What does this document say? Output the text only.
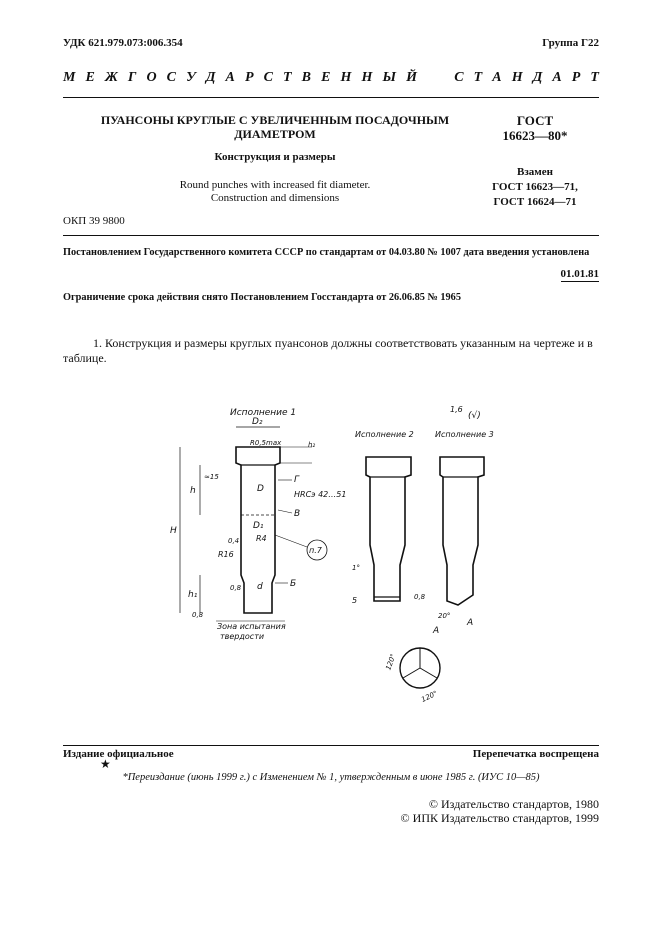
УДК 621.979.073:006.354	Группа Г22
М Е Ж Г О С У Д А Р С Т В Е Н Н Ы Й

	С Т А Н Д А Р Т
ПУАНСОНЫ КРУГЛЫЕ С УВЕЛИЧЕННЫМ ПОСАДОЧНЫМ
ДИАМЕТРОМ
Конструкция и размеры
Round punches with increased fit diameter.
Construction and dimensions
ГОСТ
16623—80*
Взамен
ГОСТ 16623—71,
ГОСТ 16624—71
ОКП 39 9800
Постановлением Государственного комитета СССР по стандартам от 04.03.80 № 1007 дата введения установлена
01.01.81
Ограничение срока действия снято Постановлением Госстандарта от 26.06.85 № 1965
1. Конструкция и размеры круглых пуансонов должны соответствовать указанным на чертеже и в таблице.
Исполнение 1
D₂
R0,5max	h₂
D
D₁
d
H
h
h₁
≈15
0,4
R16
0,8
0,8
R4
Г
HRCэ 42…51
В
п.7
Б
Зона испытания
твердости
Исполнение 2
1°
5
Исполнение 3
1,6
(√)
0,8
20°
А
А
120°
120°
Издание официальное	Перепечатка воспрещена
★
*Переиздание (июнь 1999 г.) с Изменением № 1, утвержденным в июне 1985 г. (ИУС 10—85)
© Издательство стандартов, 1980
© ИПК Издательство стандартов, 1999
